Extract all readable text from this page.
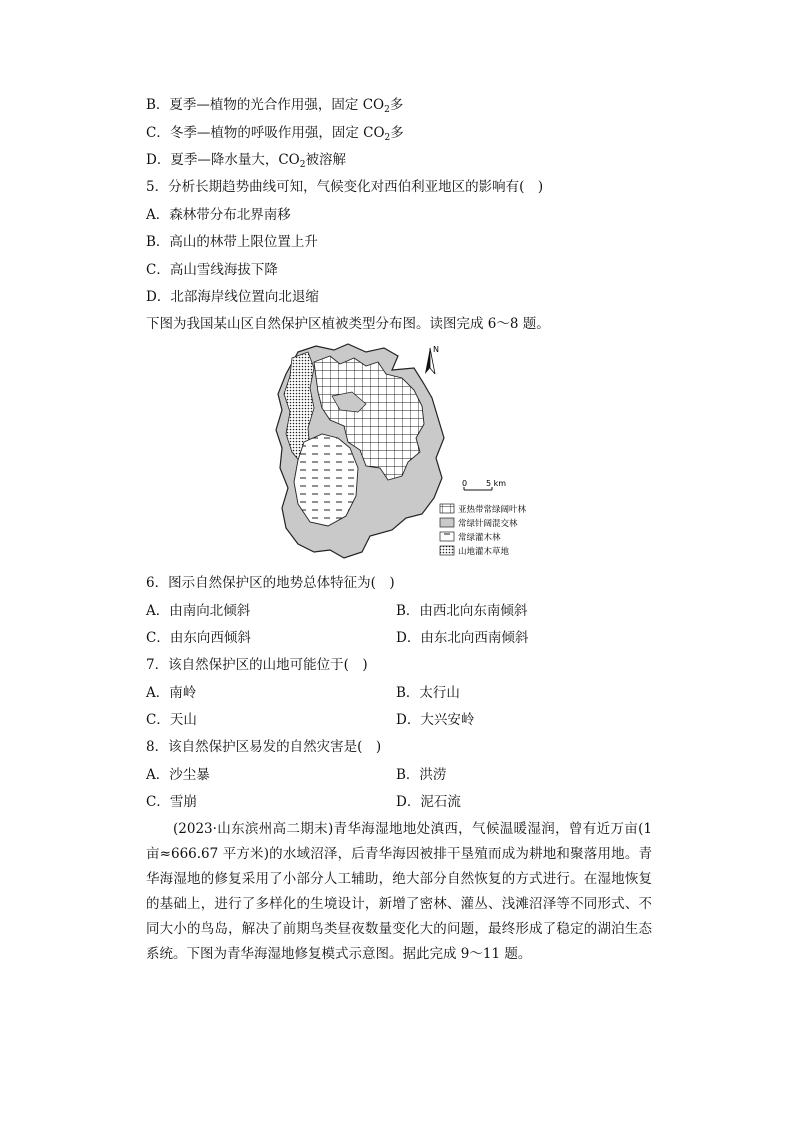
B．夏季—植物的光合作用强，固定 $CO_2$多
C．冬季—植物的呼吸作用强，固定 $CO_2$多
D．夏季—降水量大，$CO_2$被溶解
5．分析长期趋势曲线可知，气候变化对西伯利亚地区的影响有(　)
A．森林带分布北界南移
B．高山的林带上限位置上升
C．高山雪线海拔下降
D．北部海岸线位置向北退缩
下图为我国某山区自然保护区植被类型分布图。读图完成 6～8 题。
N
0 5 km
亚热带常绿阔叶林
常绿针阔混交林
常绿灌木林
山地灌木草地
6．图示自然保护区的地势总体特征为(　)
A．由南向北倾斜	B．由西北向东南倾斜
C．由东向西倾斜	D．由东北向西南倾斜
7．该自然保护区的山地可能位于(　)
A．南岭	B．太行山
C．天山	D．大兴安岭
8．该自然保护区易发的自然灾害是(　)
A．沙尘暴	B．洪涝
C．雪崩	D．泥石流
(2023·山东滨州高二期末)青华海湿地地处滇西，气候温暖湿润，曾有近万亩(1 亩≈666.67 平方米)的水域沼泽，后青华海因被排干垦殖而成为耕地和聚落用地。青华海湿地的修复采用了小部分人工辅助，绝大部分自然恢复的方式进行。在湿地恢复的基础上，进行了多样化的生境设计，新增了密林、灌丛、浅滩沼泽等不同形式、不同大小的鸟岛，解决了前期鸟类昼夜数量变化大的问题，最终形成了稳定的湖泊生态系统。下图为青华海湿地修复模式示意图。据此完成 9～11 题。
